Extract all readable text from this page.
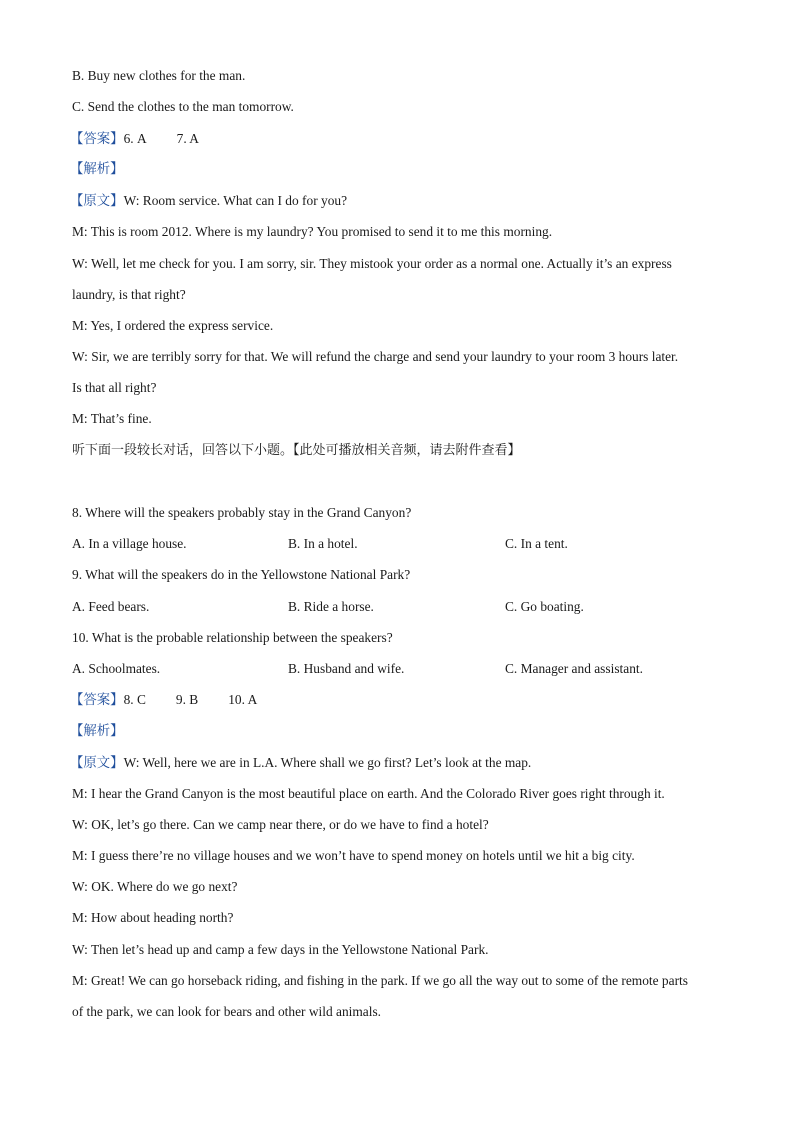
B. Buy new clothes for the man.
C. Send the clothes to the man tomorrow.
【答案】6. A 7. A
【解析】
【原文】W: Room service. What can I do for you?
M: This is room 2012. Where is my laundry? You promised to send it to me this morning.
W: Well, let me check for you. I am sorry, sir. They mistook your order as a normal one. Actually it’s an express
laundry, is that right?
M: Yes, I ordered the express service.
W: Sir, we are terribly sorry for that. We will refund the charge and send your laundry to your room 3 hours later.
Is that all right?
M: That’s fine.
听下面一段较长对话，回答以下小题。【此处可播放相关音频，请去附件查看】
8. Where will the speakers probably stay in the Grand Canyon?
A. In a village house.	B. In a hotel.	C. In a tent.
9. What will the speakers do in the Yellowstone National Park?
A. Feed bears.	B. Ride a horse.	C. Go boating.
10. What is the probable relationship between the speakers?
A. Schoolmates.	B. Husband and wife.	C. Manager and assistant.
【答案】8. C 9. B 10. A
【解析】
【原文】W: Well, here we are in L.A. Where shall we go first? Let’s look at the map.
M: I hear the Grand Canyon is the most beautiful place on earth. And the Colorado River goes right through it.
W: OK, let’s go there. Can we camp near there, or do we have to find a hotel?
M: I guess there’re no village houses and we won’t have to spend money on hotels until we hit a big city.
W: OK. Where do we go next?
M: How about heading north?
W: Then let’s head up and camp a few days in the Yellowstone National Park.
M: Great! We can go horseback riding, and fishing in the park. If we go all the way out to some of the remote parts
of the park, we can look for bears and other wild animals.
